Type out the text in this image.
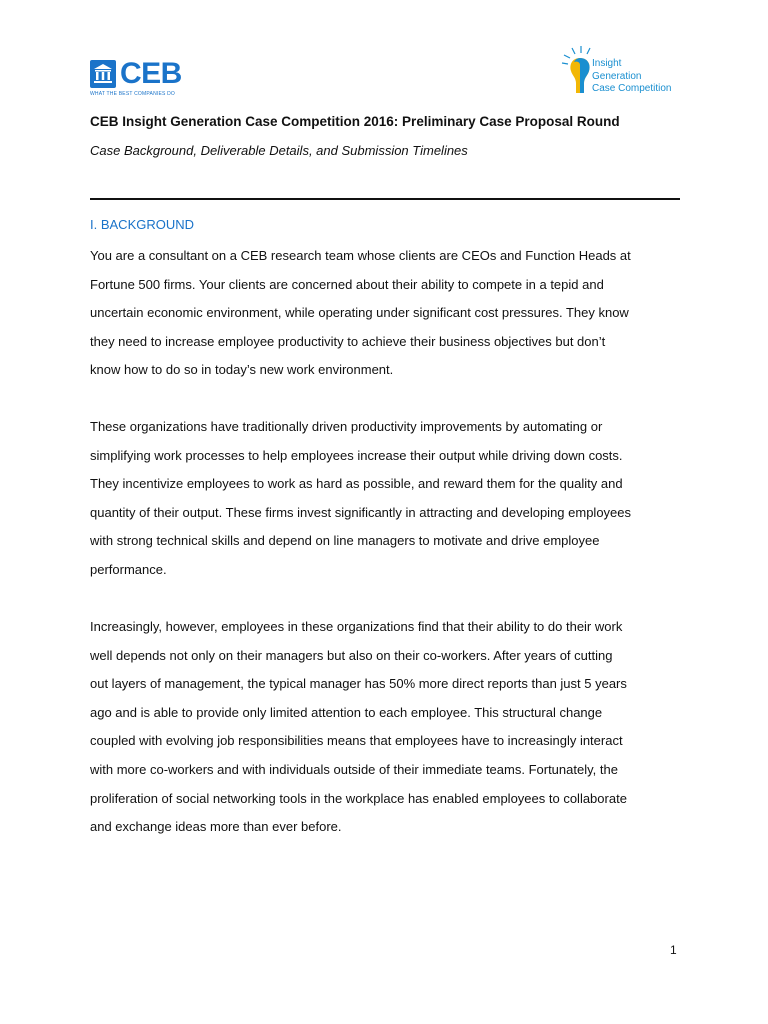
CEB
WHAT THE BEST COMPANIES DO
Insight
Generation
Case Competition
CEB Insight Generation Case Competition 2016: Preliminary Case Proposal Round
Case Background, Deliverable Details, and Submission Timelines
I. BACKGROUND
You are a consultant on a CEB research team whose clients are CEOs and Function Heads at
Fortune 500 firms. Your clients are concerned about their ability to compete in a tepid and
uncertain economic environment, while operating under significant cost pressures. They know
they need to increase employee productivity to achieve their business objectives but don’t
know how to do so in today’s new work environment.
These organizations have traditionally driven productivity improvements by automating or
simplifying work processes to help employees increase their output while driving down costs.
They incentivize employees to work as hard as possible, and reward them for the quality and
quantity of their output. These firms invest significantly in attracting and developing employees
with strong technical skills and depend on line managers to motivate and drive employee
performance.
Increasingly, however, employees in these organizations find that their ability to do their work
well depends not only on their managers but also on their co-workers. After years of cutting
out layers of management, the typical manager has 50% more direct reports than just 5 years
ago and is able to provide only limited attention to each employee. This structural change
coupled with evolving job responsibilities means that employees have to increasingly interact
with more co-workers and with individuals outside of their immediate teams. Fortunately, the
proliferation of social networking tools in the workplace has enabled employees to collaborate
and exchange ideas more than ever before.
1
